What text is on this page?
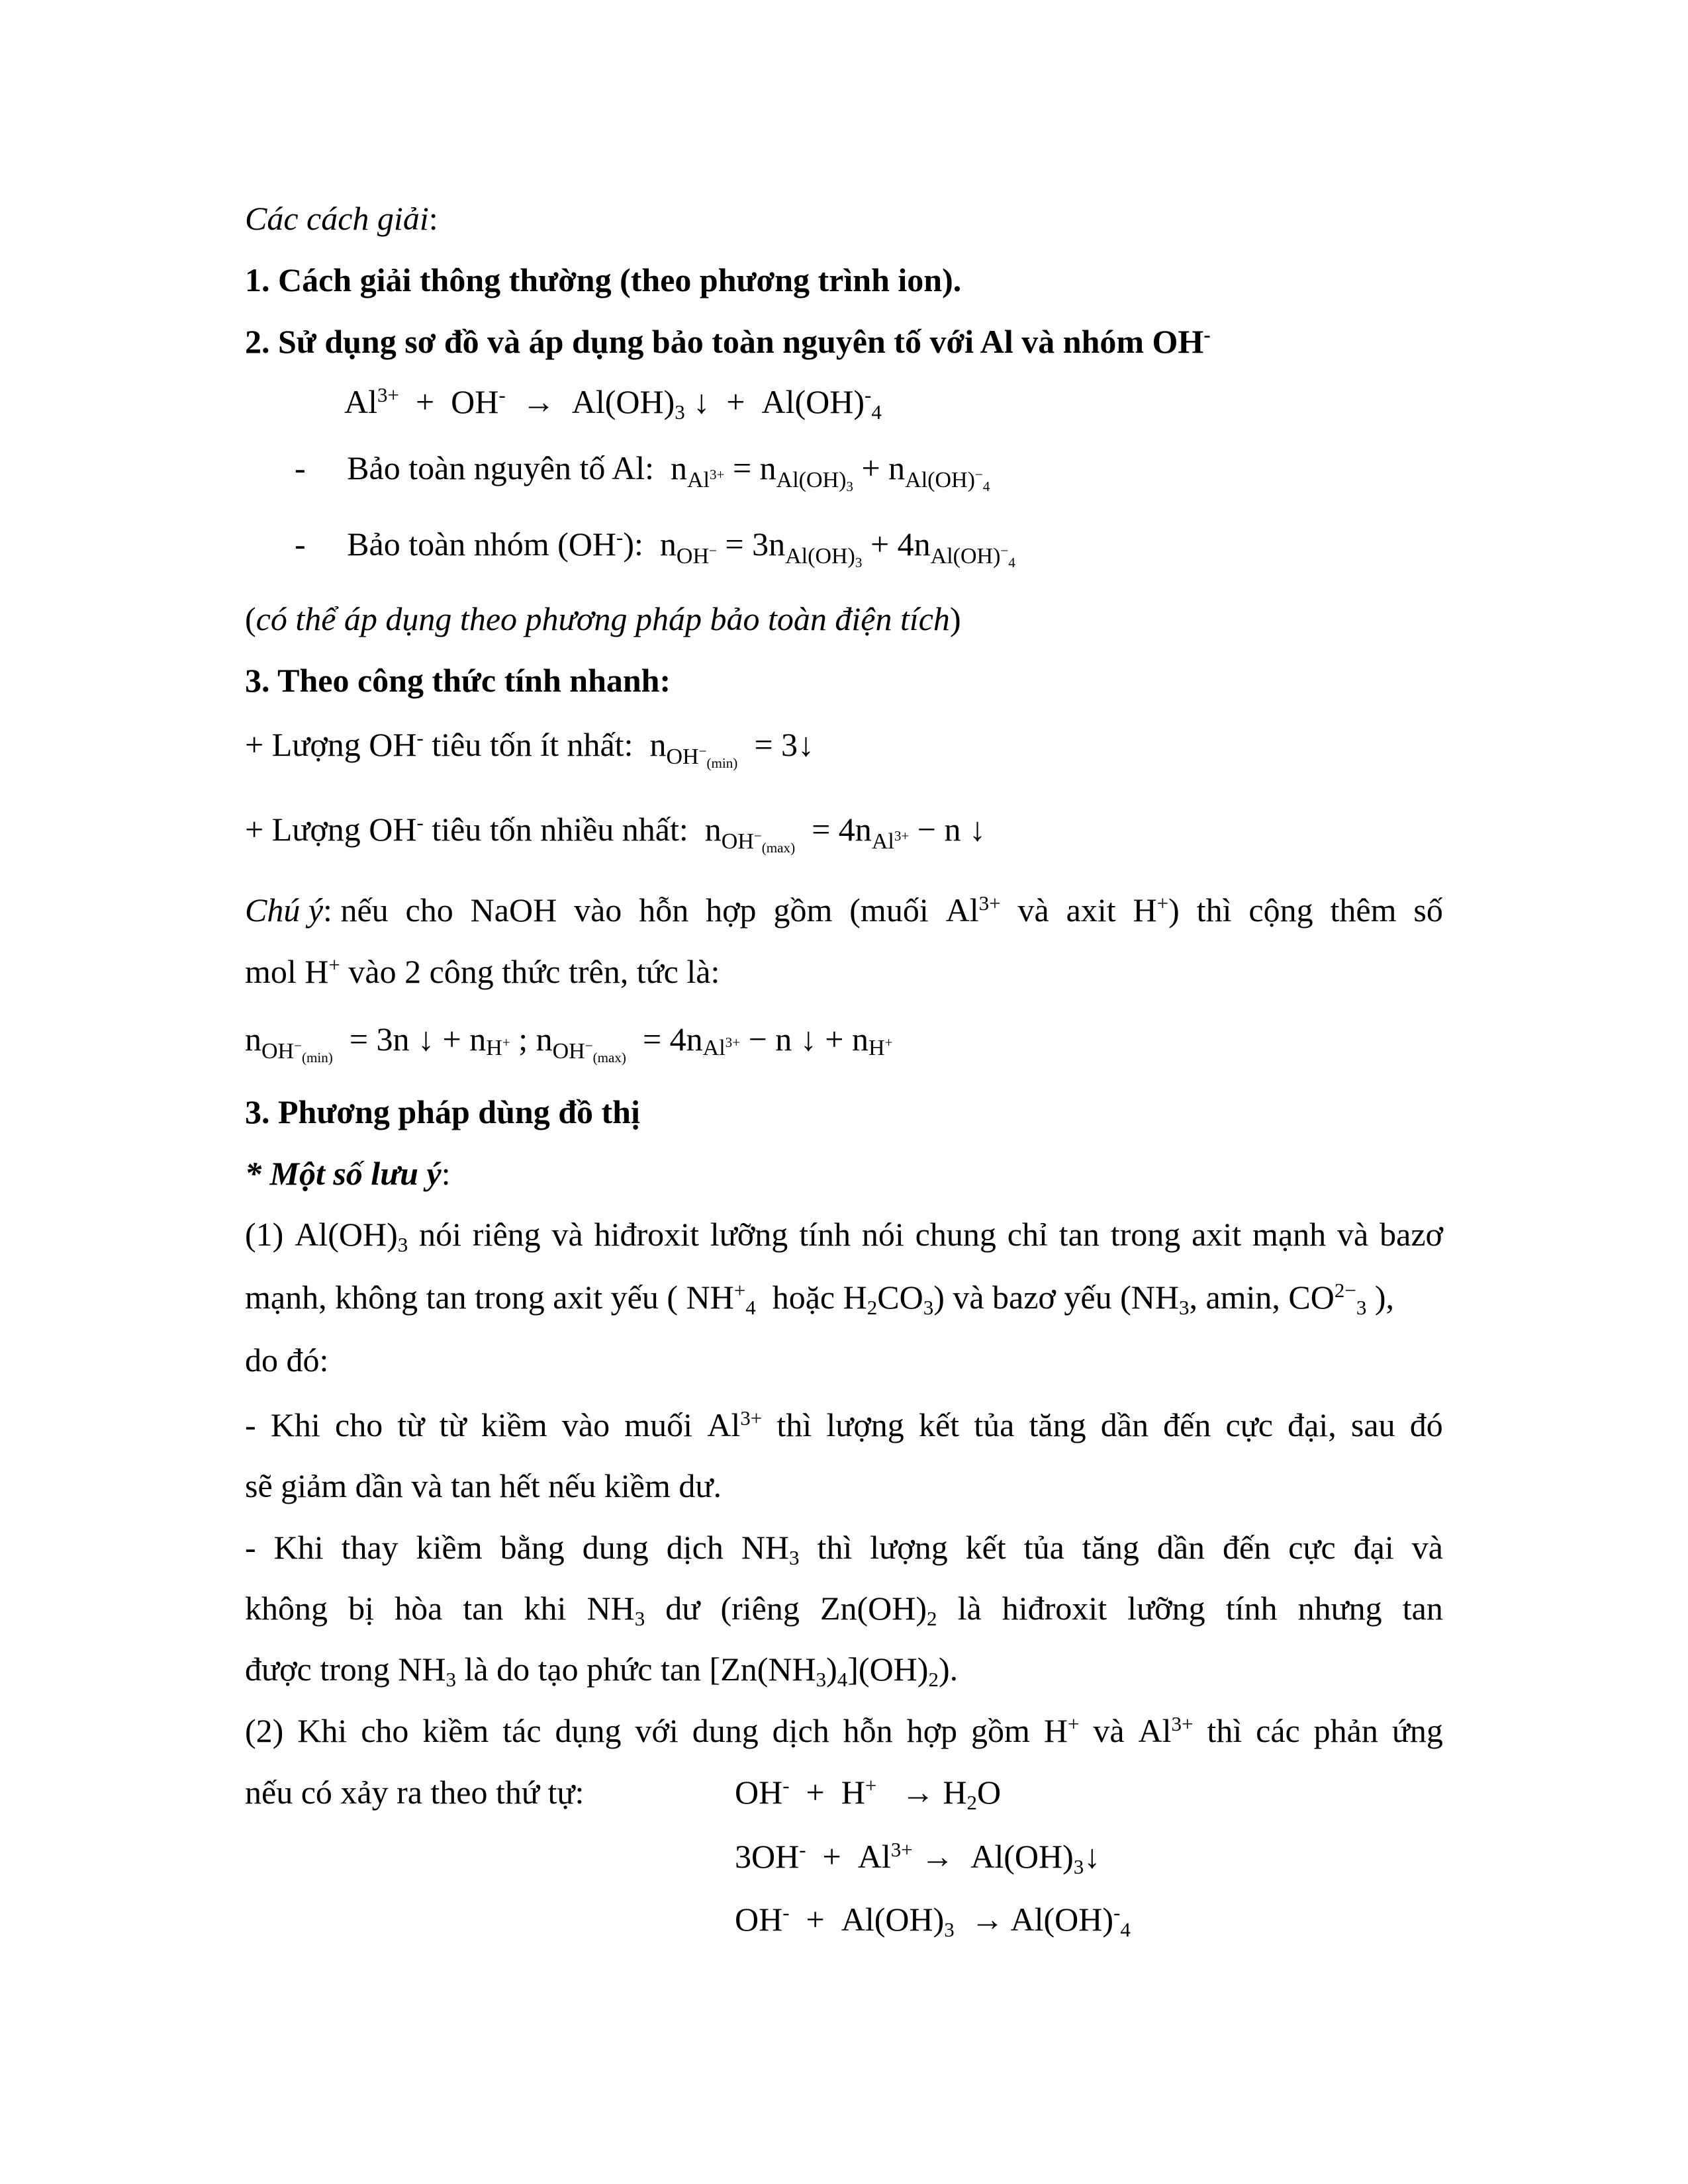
Các cách giải:
1. Cách giải thông thường (theo phương trình ion).
2. Sử dụng sơ đồ và áp dụng bảo toàn nguyên tố với Al và nhóm OH-
$Al^{3+} + OH^- \to Al(OH)_3$ ↓  +  $Al(OH)^-_4$
-     Bảo toàn nguyên tố Al:  $n_{Al^{3+}} = n_{Al(OH)_3} + n_{Al(OH)^-_4}$
-     Bảo toàn nhóm (OH-):  $n_{OH^-} = 3n_{Al(OH)_3} + 4n_{Al(OH)^-_4}$
(có thể áp dụng theo phương pháp bảo toàn điện tích)
3. Theo công thức tính nhanh:
+ Lượng OH- tiêu tốn ít nhất:  $n_{OH^-_{(min)}}$  = 3↓
+ Lượng OH- tiêu tốn nhiều nhất:  $n_{OH^-_{(max)}} = 4n_{Al^{3+}} - n$ ↓
Chú ý: nếu cho NaOH vào hỗn hợp gồm (muối $Al^{3+}$ và axit H+) thì cộng thêm số
mol H+ vào 2 công thức trên, tức là:
$n_{OH^-_{(min)}} = 3n$ ↓ + nH+ ; $n_{OH^-_{(max)}} = 4nAl^{3+} - n$ ↓ + nH+
3. Phương pháp dùng đồ thị
* Một số lưu ý:
(1) $Al(OH)_3$ nói riêng và hiđroxit lưỡng tính nói chung chỉ tan trong axit mạnh và bazơ
mạnh, không tan trong axit yếu ( $NH^+_4$  hoặc $H_2CO_3$) và bazơ yếu ($NH_3$, amin, $CO^{2-}_3$ ),
do đó:
- Khi cho từ từ kiềm vào muối $Al^{3+}$ thì lượng kết tủa tăng dần đến cực đại, sau đó
sẽ giảm dần và tan hết nếu kiềm dư.
- Khi thay kiềm bằng dung dịch $NH_3$ thì lượng kết tủa tăng dần đến cực đại và
không bị hòa tan khi $NH_3$ dư (riêng $Zn(OH)_2$ là hiđroxit lưỡng tính nhưng tan
được trong $NH_3$ là do tạo phức $\tan [Zn(NH_3)_4](OH)_2$).
(2) Khi cho kiềm tác dụng với dung dịch hỗn hợp gồm H+ và $Al^{3+}$ thì các phản ứng
nếu có xảy ra theo thứ tự:	$OH^- + H^+ \to H_2O$
$3OH^- + Al^{3+}$ →  $Al(OH)_3↓$
$OH^- + Al(OH)_3 \to Al(OH)^-_4$
